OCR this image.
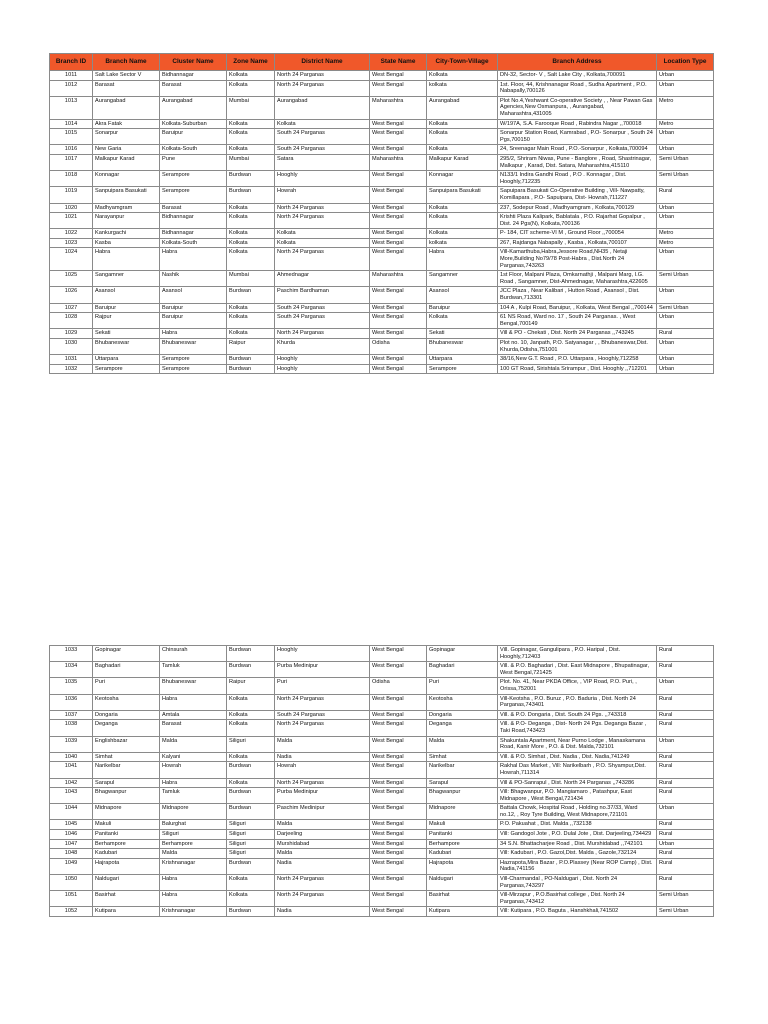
Branch ID	Branch Name	Cluster Name	Zone Name	District Name	State Name	City-Town-Village	Branch Address	Location Type
1011	Salt Lake Sector V	Bidhannagar	Kolkata	North 24 Parganas	West Bengal	Kolkata	DN-32, Sector- V , Salt Lake City , Kolkata,700091	Urban
1012	Barasat	Barasat	Kolkata	North 24 Parganas	West Bengal	kolkata	1st. Floor, 44, Krishnanagar Road , Sudha Apartment , P.O. Nabapally,700126	Urban
1013	Aurangabad	Aurangabad	Mumbai	Aurangabad	Maharashtra	Aurangabad	Plot No.4,Yeshwant Co-operative Society , , Near Pawan Gas Agencies,New Osmanpura, , Aurangabad, Maharashtra,431005	Metro
1014	Akra Fatak	Kolkata-Suburban	Kolkata	Kolkata	West Bengal	Kolkata	W/197A, S.A. Farooque Road , Rabindra Nagar ,,700018	Metro
1015	Sonarpur	Baruipur	Kolkata	South 24 Parganas	West Bengal	Kolkata	Sonarpur Station Road, Kamrabad , P.O- Sonarpur , South 24 Pgs,700150	Urban
1016	New Garia	Kolkata-South	Kolkata	South 24 Parganas	West Bengal	Kolkata	24, Sreenagar Main Road , P.O.-Sonarpur , Kolkata,700094	Urban
1017	Malkapur Karad	Pune	Mumbai	Satara	Maharashtra	Malkapur Karad	295/2, Shriram Niwas, Pune - Banglore , Road, Shastrinagar, Malkapur , Karad, Dist. Satara, Maharashtra,415110	Semi Urban
1018	Konnagar	Serampore	Burdwan	Hooghly	West Bengal	Konnagar	N133/1 Indira Gandhi Road , P.O . Konnagar , Dist. Hooghly,712235	Semi Urban
1019	Sanpuipara Basukati	Serampore	Burdwan	Howrah	West Bengal	Sanpuipara Basukati	Sapuipara Basukati Co-Operative Building , Vill- Nawpatty, Komillapara , P.O- Sapuipara, Dist- Howrah,711227	Rural
1020	Madhyamgram	Barasat	Kolkata	North 24 Parganas	West Bengal	Kolkata	237, Sodepur Road , Madhyamgram , Kolkata,700129	Urban
1021	Narayanpur	Bidhannagar	Kolkata	North 24 Parganas	West Bengal	Kolkata	Krishti Plaza Kalipark, Bablatala , P.O. Rajarhat Gopalpur , Dist. 24 Pgs(N), Kolkata,700136	Urban
1022	Kankurgachi	Bidhannagar	Kolkata	Kolkata	West Bengal	Kolkata	P- 184, CIT scheme-VI M , Ground Floor ,,700054	Metro
1023	Kasba	Kolkata-South	Kolkata	Kolkata	West Bengal	kolkata	267, Rajdanga Nabapally , Kasba , Kolkata,700107	Metro
1024	Habra	Habra	Kolkata	North 24 Parganas	West Bengal	Habra	Vill-Kamarthuba,Habra,Jessore Road,NH35 , Netaji More,Building No79/78 Post-Habra , Dist.North 24 Parganas,743263	Urban
1025	Sangamner	Nashik	Mumbai	Ahmednagar	Maharashtra	Sangamner	1st Floor, Malpani Plaza, Omkarnathji , Malpani Marg, I.G. Road , Sangamner, Dist-Ahmednagar, Maharashtra,422605	Semi Urban
1026	Asansol	Asansol	Burdwan	Paschim Bardhaman	West Bengal	Asansol	JCC Plaza , Near Kalibari , Hutton Road , Asansol , Dist. Burdwan,713301	Urban
1027	Baruipur	Baruipur	Kolkata	South 24 Parganas	West Bengal	Baruipur	104 A , Kulpi Road, Baruipur, , Kolkata, West Bengal ,,700144	Semi Urban
1028	Rajpur	Baruipur	Kolkata	South 24 Parganas	West Bengal	Kolkata	61 NS Road, Ward no. 17 , South 24 Parganas. , West Bengal,700149	Urban
1029	Sekati	Habra	Kolkata	North 24 Parganas	West Bengal	Sekati	Vill & PO - Chekati , Dist. North 24 Parganas ,,743245	Rural
1030	Bhubaneswar	Bhubaneswar	Raipur	Khurda	Odisha	Bhubaneswar	Plot no. 10, Janpath, P.O. Satyanagar , , Bhubaneswar,Dist. Khurda,Odisha,751001	Urban
1031	Uttarpara	Serampore	Burdwan	Hooghly	West Bengal	Uttarpara	38/16,New G.T. Road , P.O. Uttarpara , Hooghly,712258	Urban
1032	Serampore	Serampore	Burdwan	Hooghly	West Bengal	Serampore	100 GT Road, Sirishtala Srirampur , Dist. Hooghly ,,712201	Urban
1033	Gopinagar	Chinsurah	Burdwan	Hooghly	West Bengal	Gopinagar	Vill. Gopinagar, Gangulipara , P.O. Haripal , Dist. Hooghly,712403	Rural
1034	Baghadari	Tamluk	Burdwan	Purba Medinipur	West Bengal	Baghadari	Vill. & P.O. Baghadari , Dist. East Midnapore , Bhupatinagar, West Bengal,721425	Rural
1035	Puri	Bhubaneswar	Raipur	Puri	Odisha	Puri	Plot. No. 41, Near PKDA Office, , VIP Road, P.O. Puri, , Orissa,752001	Urban
1036	Keotosha	Habra	Kolkata	North 24 Parganas	West Bengal	Keotosha	Vill-Keotsha , P.O. Buruz , P.O. Baduria , Dist. North 24 Parganas,743401	Rural
1037	Dongaria	Amtala	Kolkata	South 24 Parganas	West Bengal	Dongaria	Vill. & P.O. Dongaria , Dist. South 24 Pgs. ,,743318	Rural
1038	Deganga	Barasat	Kolkata	North 24 Parganas	West Bengal	Deganga	Vill. & P.O- Deganga , Dist- North 24 Pgs. Deganga Bazar , Taki Road,743423	Rural
1039	Englishbazar	Malda	Siliguri	Malda	West Bengal	Malda	Shakuntala Apartment, Near Purno Lodge , Manaskamana Road, Kanir More , P.O. & Dist. Malda,732101	Urban
1040	Simhat	Kalyani	Kolkata	Nadia	West Bengal	Simhat	Vill. & P.O. Simhat , Dist. Nadia , Dist. Nadia,741249	Rural
1041	Narikelbar	Howrah	Burdwan	Howrah	West Bengal	Narikelbar	Rakhal Das Market , Vill: Narikelbarh , P.O. Shyampur,Dist. Howrah,711314	Rural
1042	Sarapul	Habra	Kolkata	North 24 Parganas	West Bengal	Sarapul	Vill & PO-Sanrapul , Dist. North 24 Parganas ,,743286	Rural
1043	Bhagwanpur	Tamluk	Burdwan	Purba Medinipur	West Bengal	Bhagwanpur	Vill: Bhagwanpur, P.O. Mangiamaro , Patashpur, East Midnapore , West Bengal,721434	Rural
1044	Midnapore	Midnapore	Burdwan	Paschim Medinipur	West Bengal	Midnapore	Battala Chowk, Hospital Road , Holding no.37/33, Ward no.12, , Roy Tyre Building, West Midnapore,721101	Urban
1045	Makuli	Balurghat	Siliguri	Malda	West Bengal	Makuli	P.O. Pakuahat , Dist. Malda ,,732138	Rural
1046	Panitanki	Siliguri	Siliguri	Darjeeling	West Bengal	Panitanki	Vill: Gandogol Jote , P.O. Dulal Jote , Dist. Darjeeling,734429	Rural
1047	Berhampore	Berhampore	Siliguri	Murshidabad	West Bengal	Berhampore	34 S.N. Bhattacharjee Road , Dist. Murshidabad ,,742101	Urban
1048	Kadubari	Malda	Siliguri	Malda	West Bengal	Kadubari	Vill: Kadubari , P.O. Gazol,Dist. Malda , Gazole,732124	Rural
1049	Hajrapota	Krishnanagar	Burdwan	Nadia	West Bengal	Hajrapota	Hazrapota,Mira Bazar , P.O.Plassey (Near ROP Camp) , Dist. Nadia,741156	Rural
1050	Naldugari	Habra	Kolkata	North 24 Parganas	West Bengal	Naldugari	Vill-Charmandal , PO-Naldugari , Dist. North 24 Parganas,743297	Rural
1051	Basirhat	Habra	Kolkata	North 24 Parganas	West Bengal	Basirhat	Vill-Mirzapur , P.O.Basirhat college , Dist. North 24 Parganas,743412	Semi Urban
1052	Kutipara	Krishnanagar	Burdwan	Nadia	West Bengal	Kutipara	Vill: Kutipara , P.O. Baguta , Hanshkhali,741502	Semi Urban
